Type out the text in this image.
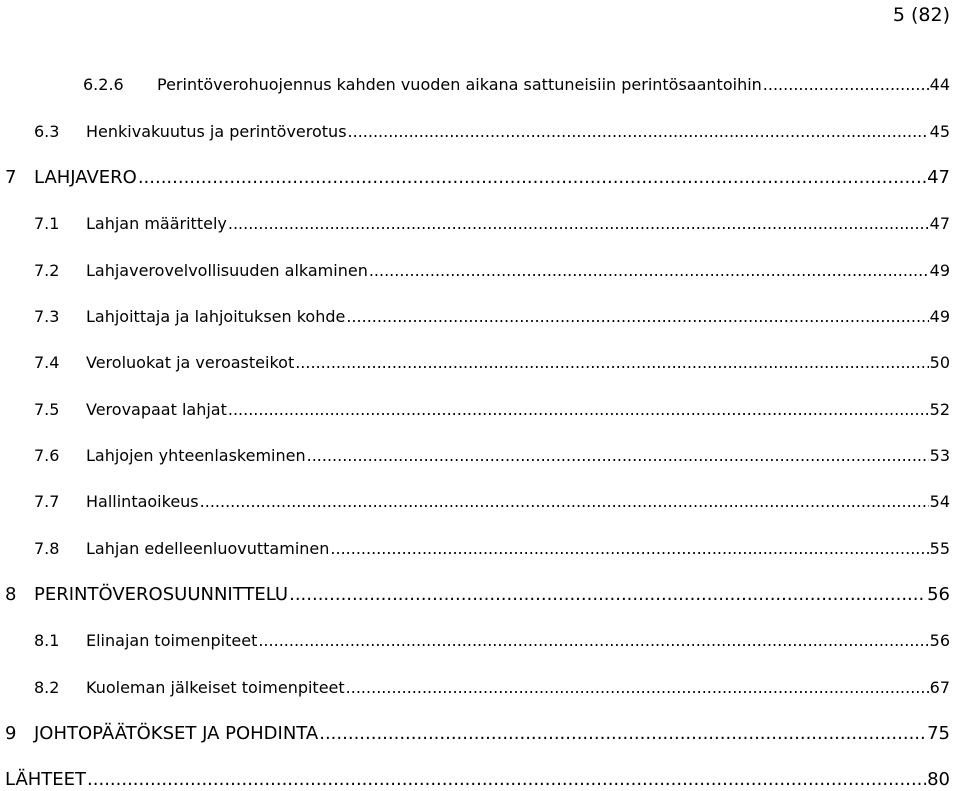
5 (82)
6.2.6 Perintöverohuojennus kahden vuoden aikana sattuneisiin perintösaantoihin .....	44
6.3 Henkivakuutus ja perintöverotus .....	45
7 LAHJAVERO .....	47
7.1 Lahjan määrittely .....	47
7.2 Lahjaverovelvollisuuden alkaminen .....	49
7.3 Lahjoittaja ja lahjoituksen kohde .....	49
7.4 Veroluokat ja veroasteikot .....	50
7.5 Verovapaat lahjat .....	52
7.6 Lahjojen yhteenlaskeminen .....	53
7.7 Hallintaoikeus .....	54
7.8 Lahjan edelleenluovuttaminen .....	55
8 PERINTÖVEROSUUNNITTELU .....	56
8.1 Elinajan toimenpiteet .....	56
8.2 Kuoleman jälkeiset toimenpiteet .....	67
9 JOHTOPÄÄTÖKSET JA POHDINTA .....	75
LÄHTEET .....	80
